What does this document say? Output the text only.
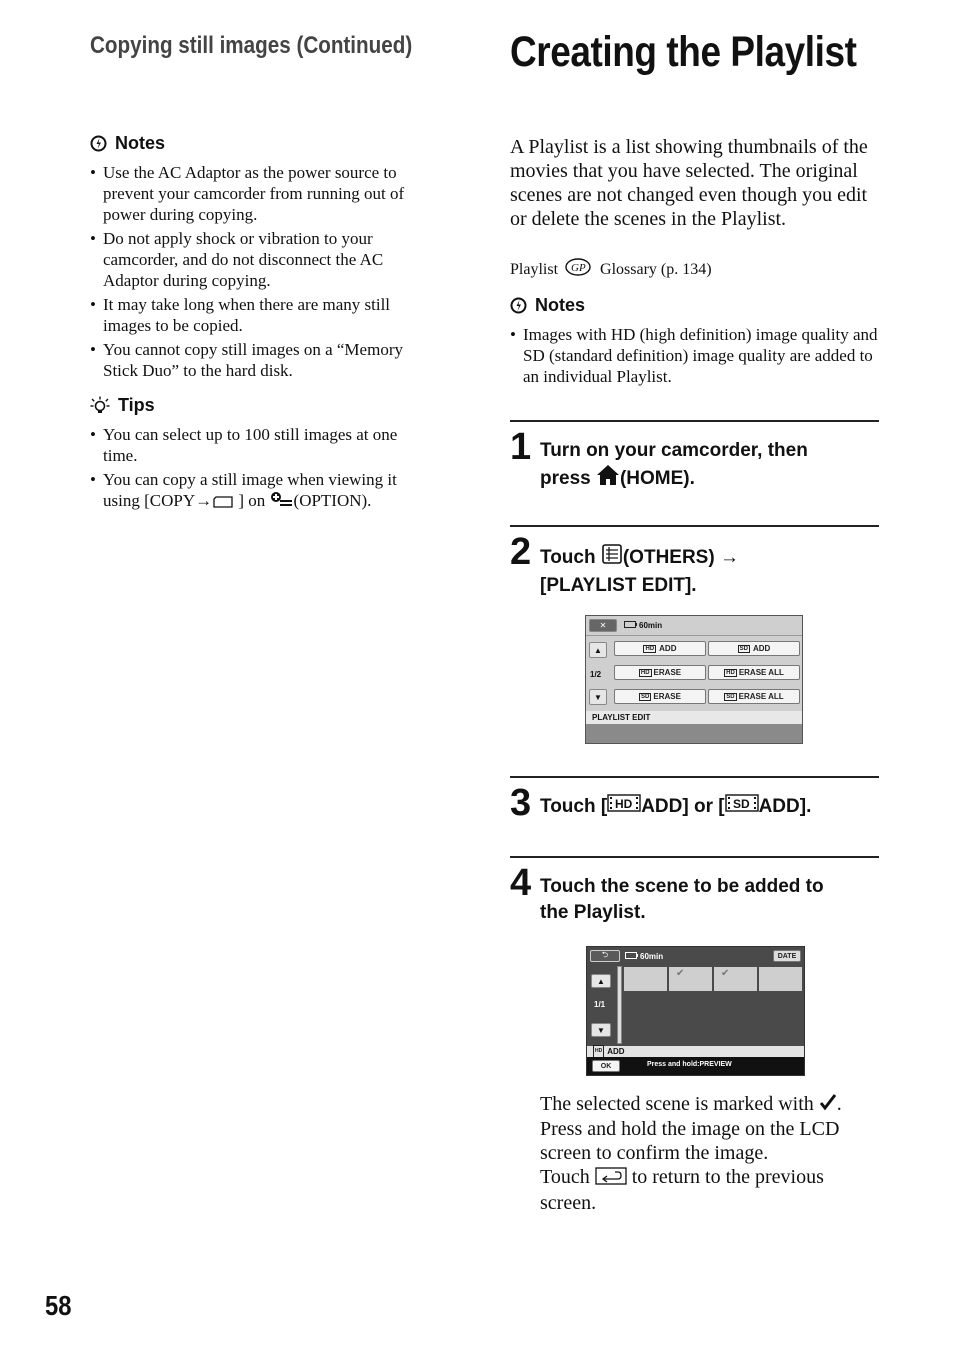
Copying still images (Continued) Creating the Playlist
Notes
• Use the AC Adaptor as the power source to prevent your camcorder from running out of power during copying.
• Do not apply shock or vibration to your camcorder, and do not disconnect the AC Adaptor during copying.
• It may take long when there are many still images to be copied.
• You cannot copy still images on a “Memory Stick Duo” to the hard disk.
Tips
• You can select up to 100 still images at one time.
• You can copy a still image when viewing it using [COPY→ ] on (OPTION).
A Playlist is a list showing thumbnails of the movies that you have selected. The original scenes are not changed even though you edit or delete the scenes in the Playlist.
Playlist GP Glossary (p. 134)
Notes
• Images with HD (high definition) image quality and SD (standard definition) image quality are added to an individual Playlist.
1 Turn on your camcorder, then
press (HOME).
2 Touch (OTHERS) →
[PLAYLIST EDIT].
✕	60min
▲
1/2
▼
HD ADD	SD ADD
HD ERASE	HD ERASE ALL
SD ERASE	SD ERASE ALL
PLAYLIST EDIT
3 Touch [ HD ADD] or [ SD ADD].
4 Touch the scene to be added to
the Playlist.
⮌	60min	DATE
▲
1/1
▼
✔	✔
HD ADD
OK	Press and hold:PREVIEW
The selected scene is marked with .
Press and hold the image on the LCD
screen to confirm the image.
Touch  to return to the previous
screen.
58
